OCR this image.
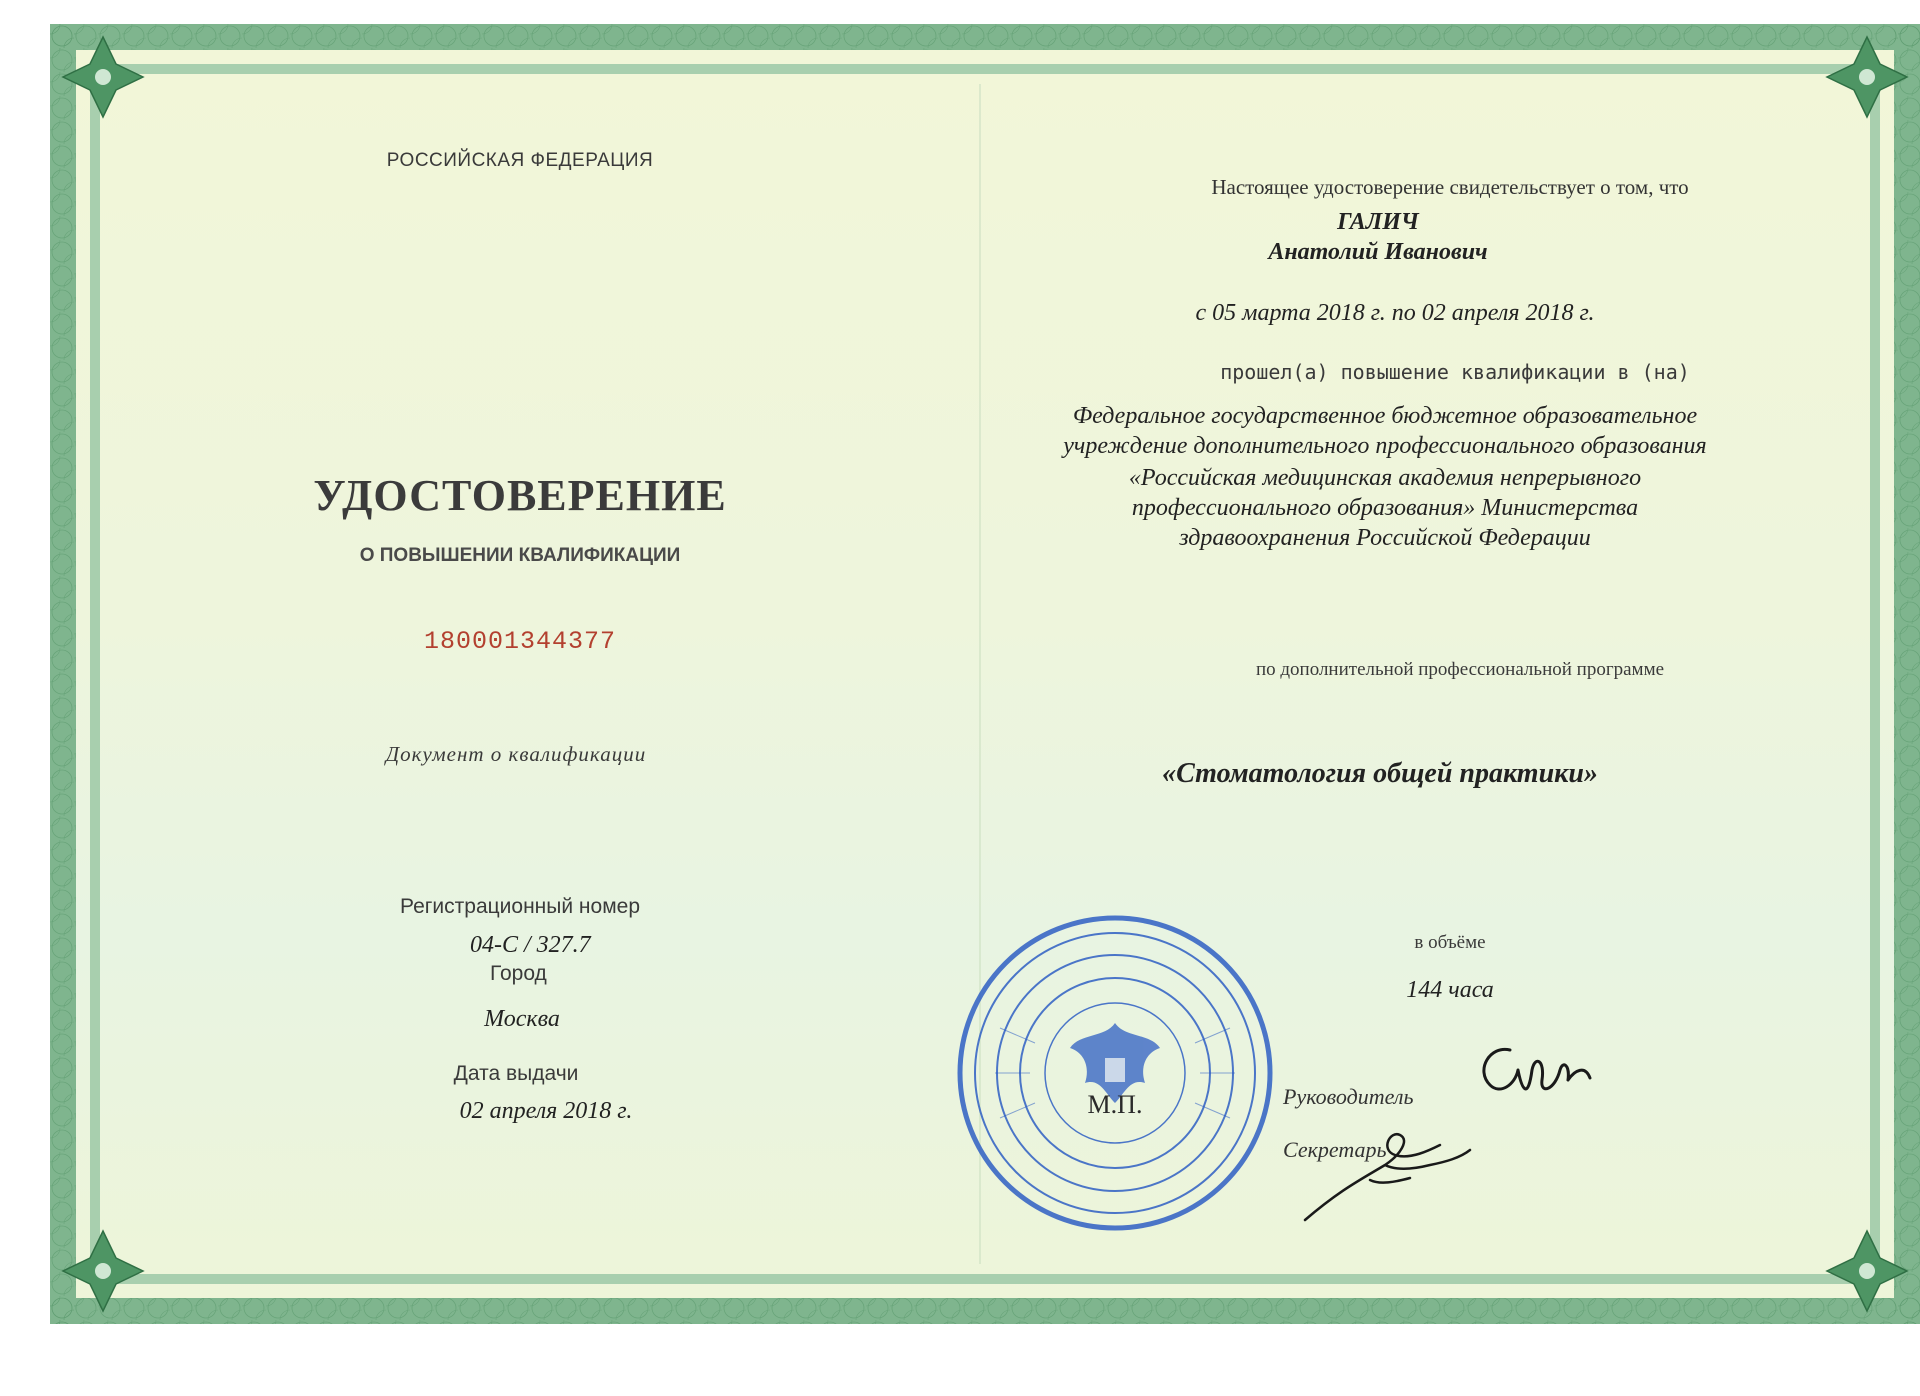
РОССИЙСКАЯ ФЕДЕРАЦИЯ

УДОСТОВЕРЕНИЕ

О ПОВЫШЕНИИ КВАЛИФИКАЦИИ

180001344377

Документ о квалификации

Регистрационный номер

04-С / 327.7

Город

Москва

Дата выдачи

02 апреля 2018 г.

Настоящее удостоверение свидетельствует о том, что

ГАЛИЧ

Анатолий Иванович

с 05 марта 2018 г. по 02 апреля 2018 г.

прошел(а) повышение квалификации в (на)

Федеральное государственное бюджетное образовательное

учреждение дополнительного профессионального образования

«Российская медицинская академия непрерывного

профессионального образования» Министерства

здравоохранения Российской Федерации

по дополнительной профессиональной программе

«Стоматология общей практики»

в объёме

144 часа

Руководитель

Секретарь

М.П.
